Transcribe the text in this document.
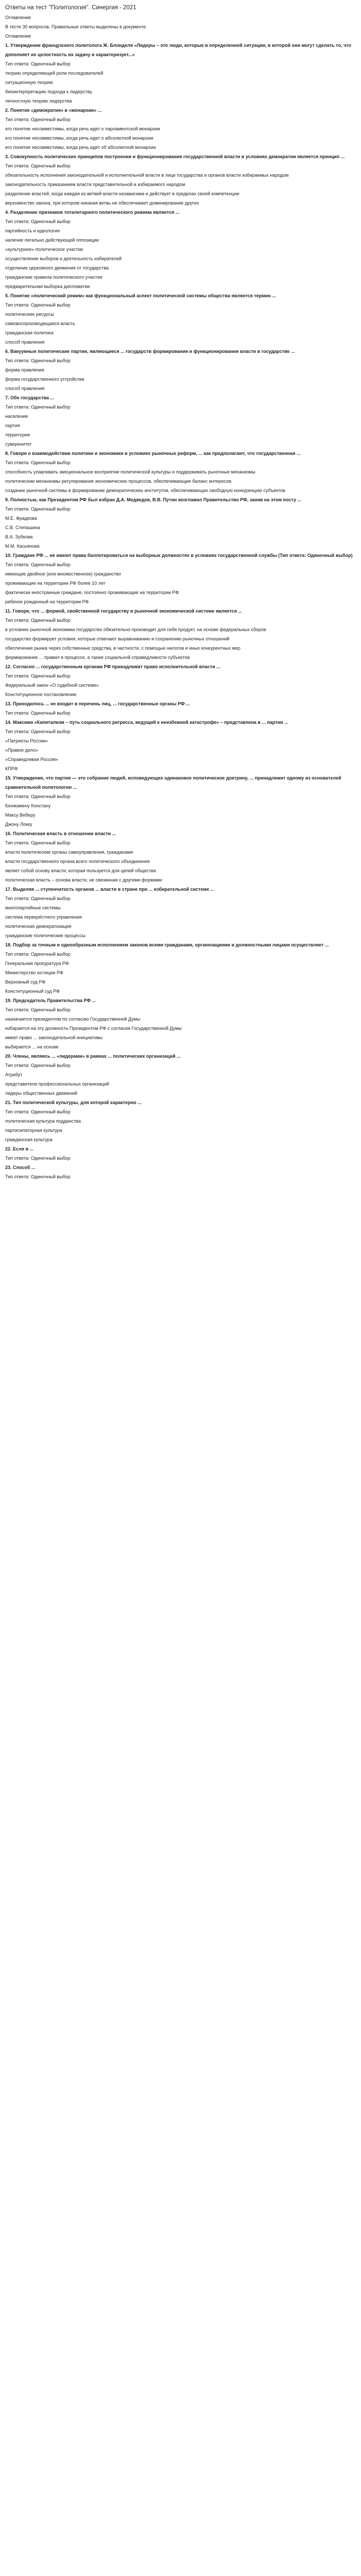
Ответы на тест "Политология". Синергия - 2021
Оглавление
В тесте 30 вопросов. Правильные ответы выделены в документе.
Оглавление
1. Утверждение французского политолога Ж. Блонделя «Лидеры – это люди, которые в определенной ситуации, в которой они могут сделать то, что дополняет их целостность их задачу и характеризует...»
Тип ответа: Одиночный выбор
теорию определяющей роли последователей
ситуационную теорию
биоинтерпретацию подхода к лидерству
личностную теорию лидерства
2. Понятие «демократия» в «монархии» ...
Тип ответа: Одиночный выбор
его понятие несовместимы, когда речь идет о парламентской монархии
его понятие несовместимы, когда речь идет о абсолютной монархии
его понятие несовместимы, когда речь идет об абсолютной монархии
3. Совокупность политических принципов построения и функционирования государственной власти в условиях демократии является принцип ...
Тип ответа: Одиночный выбор
обязательность исполнения законодательной и исполнительной власти в лице государства и органов власти избираемых народом
законодательность приказанием власти представительной и избираемого народом
разделение властей, когда каждая из ветвей власти независима и действует в пределах своей компетенции
верховенство закона, при котором никакая ветвь не обеспечивает доминирование других
4. Разделение признаков тоталитарного политического режима является ...
Тип ответа: Одиночный выбор
партийность и идеология
наличие легально действующей оппозиции
«культурное» политическое участие
осуществление выборов и деятельность избирателей
отделение церковного движения от государства
гражданские правила политического участия
предварительная выборка дипломатии
5. Понятие «политический режим» как функциональный аспект политической системы общества является термин ...
Тип ответа: Одиночный выбор
политические ресурсы
самовоспроизводящаяся власть
гражданская политика
способ правления
6. Вакуумные политические партии, являющиеся ... государств формирования и функционирования власти в государстве ...
Тип ответа: Одиночный выбор
форма правления
форма государственного устройства
способ правления
7. Обе государства ...
Тип ответа: Одиночный выбор
население
партия
территория
суверенитет
8. Говоря о взаимодействии политики и экономики в условиях рыночных реформ, ... как предполагают, что государственная ...
Тип ответа: Одиночный выбор
способность улавливать эмоциональное восприятие политической культуры и поддерживать рыночные механизмы
политические механизмы регулирования экономических процессов, обеспечивающие баланс интересов
создание рыночной системы в формирование демократических институтов, обеспечивающих свободную конкуренцию субъектов
9. Полностью, как Президентом РФ был избран Д.А. Медведев, В.В. Путин возглавил Правительство РФ, заняв на этом посту ...
Тип ответа: Одиночный выбор
М.Е. Фрадкова
С.В. Степашина
В.А. Зубкова
М.М. Касьянова
10. Граждане РФ ... не имеют права баллотироваться на выборных должностях в условиях государственной службы (Тип ответа: Одиночный выбор)
Тип ответа: Одиночный выбор
имеющие двойное (или множественное) гражданство
проживающие на территории РФ более 10 лет
фактически иностранные граждане, постоянно проживающие на территории РФ
ребенок рожденный на территории РФ
11. Говоря, что ... формой, свойственной государству в рыночной экономической системе является ...
Тип ответа: Одиночный выбор
в условиях рыночной экономики государство обязательно производит для себя продукт, на основе федеральных сборов
государство формирует условия, которые отвечают выравниванию и сохранению рыночных отношений
обеспечение рынка через собственные средства, в частности, с помощью налогов и иных конкурентных мер
формирование ... правил в процессе, а также социальной справедливости субъектов
12. Согласно ... государственным органам РФ принадлежит право исполнительной власти ...
Тип ответа: Одиночный выбор
Федеральный закон «О судебной системе»
Конституционное постановление
13. Приходилось ... не входит в перечень лиц, ... государственные органы РФ ...
Тип ответа: Одиночный выбор
14. Максима «Капитализм – путь социального регресса, ведущий к неизбежной катастрофе» – представлена в ... партии ...
Тип ответа: Одиночный выбор
«Патриоты России»
«Правое дело»
«Справедливая Россия»
КПРФ
15. Утверждение, что партия — это собрание людей, исповедующих одинаковое политическое доктрину, ... принадлежит одному из основателей сравнительной политологии ...
Тип ответа: Одиночный выбор
Бенжамену Констану
Максу Веберу
Джону Локку
16. Политическая власть в отношении власти ...
Тип ответа: Одиночный выбор
власти политические органы самоуправления, гражданами
власти государственного органа всего политического объединения
являет собой основу власти, которая пользуется для целей общества
политическая власть – основа власти, не связанная с другими формами
17. Выделяя ... ступенчатость органов ... власти в стране при ... избирательной системе ...
Тип ответа: Одиночный выбор
многопартийные системы
система перекрёстного управления
политическая демократизация
гражданские политические процессы
18. Подбор за точным и однообразным исполнением законов всеми гражданами, организациями и должностными лицами осуществляет ...
Тип ответа: Одиночный выбор
Генеральная прокуратура РФ
Министерство юстиции РФ
Верховный суд РФ
Конституционный суд РФ
19. Председатель Правительства РФ ...
Тип ответа: Одиночный выбор
назначается президентом по согласию Государственной Думы
избирается на эту должность Президентом РФ с согласия Государственной Думы
имеет право ... законодательной инициативы
выбирается ... на основе
20. Члены, являясь ... «лидерами» в рамках ... политических организаций ...
Тип ответа: Одиночный выбор
Атрибут
представители профессиональных организаций
лидеры общественных движений
21. Тип политической культуры, для которой характерно ...
Тип ответа: Одиночный выбор
политическая культура подданства
партисипаторная культура
гражданская культура
22. Если в ...
Тип ответа: Одиночный выбор
23. Способ ...
Тип ответа: Одиночный выбор
